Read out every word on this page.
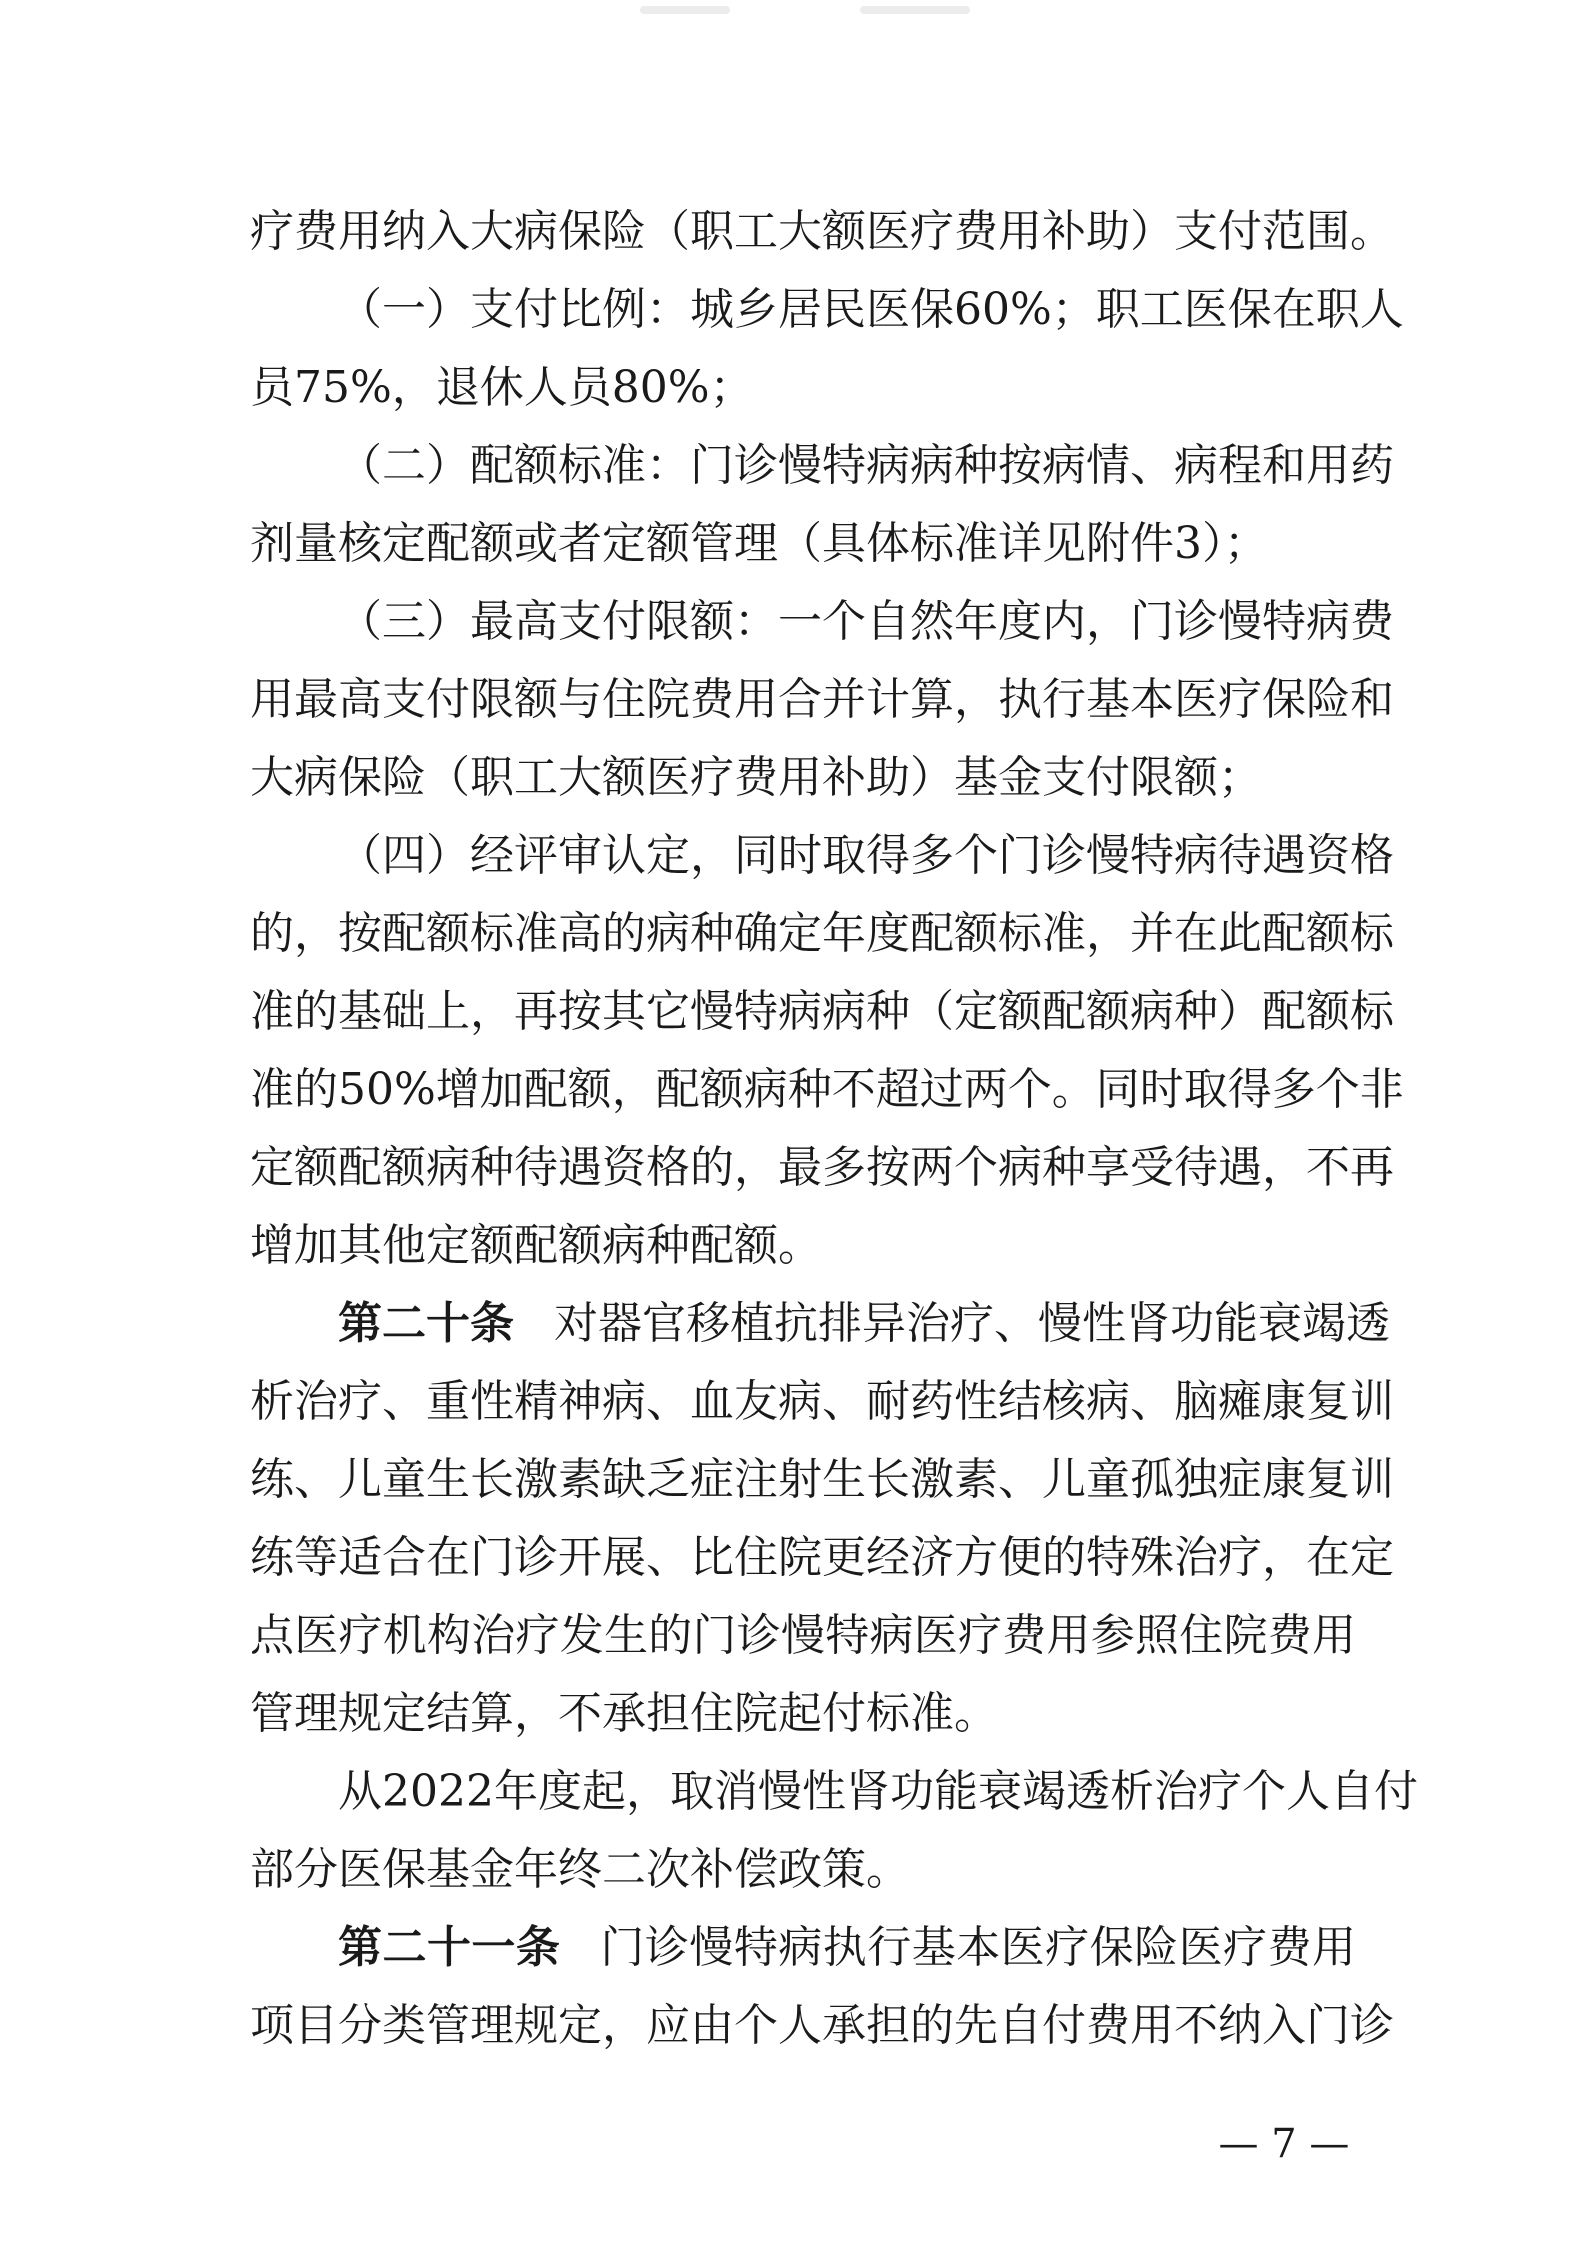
疗费用纳入大病保险（职工大额医疗费用补助）支付范围。
（一）支付比例：城乡居民医保60%；职工医保在职人
员75%，退休人员80%；
（二）配额标准：门诊慢特病病种按病情、病程和用药
剂量核定配额或者定额管理（具体标准详见附件3）；
（三）最高支付限额：一个自然年度内，门诊慢特病费
用最高支付限额与住院费用合并计算，执行基本医疗保险和
大病保险（职工大额医疗费用补助）基金支付限额；
（四）经评审认定，同时取得多个门诊慢特病待遇资格
的，按配额标准高的病种确定年度配额标准，并在此配额标
准的基础上，再按其它慢特病病种（定额配额病种）配额标
准的50%增加配额，配额病种不超过两个。同时取得多个非
定额配额病种待遇资格的，最多按两个病种享受待遇，不再
增加其他定额配额病种配额。
第二十条 对器官移植抗排异治疗、慢性肾功能衰竭透
析治疗、重性精神病、血友病、耐药性结核病、脑瘫康复训
练、儿童生长激素缺乏症注射生长激素、儿童孤独症康复训
练等适合在门诊开展、比住院更经济方便的特殊治疗，在定
点医疗机构治疗发生的门诊慢特病医疗费用参照住院费用
管理规定结算，不承担住院起付标准。
从2022年度起，取消慢性肾功能衰竭透析治疗个人自付
部分医保基金年终二次补偿政策。
第二十一条 门诊慢特病执行基本医疗保险医疗费用
项目分类管理规定，应由个人承担的先自付费用不纳入门诊
— 7 —
